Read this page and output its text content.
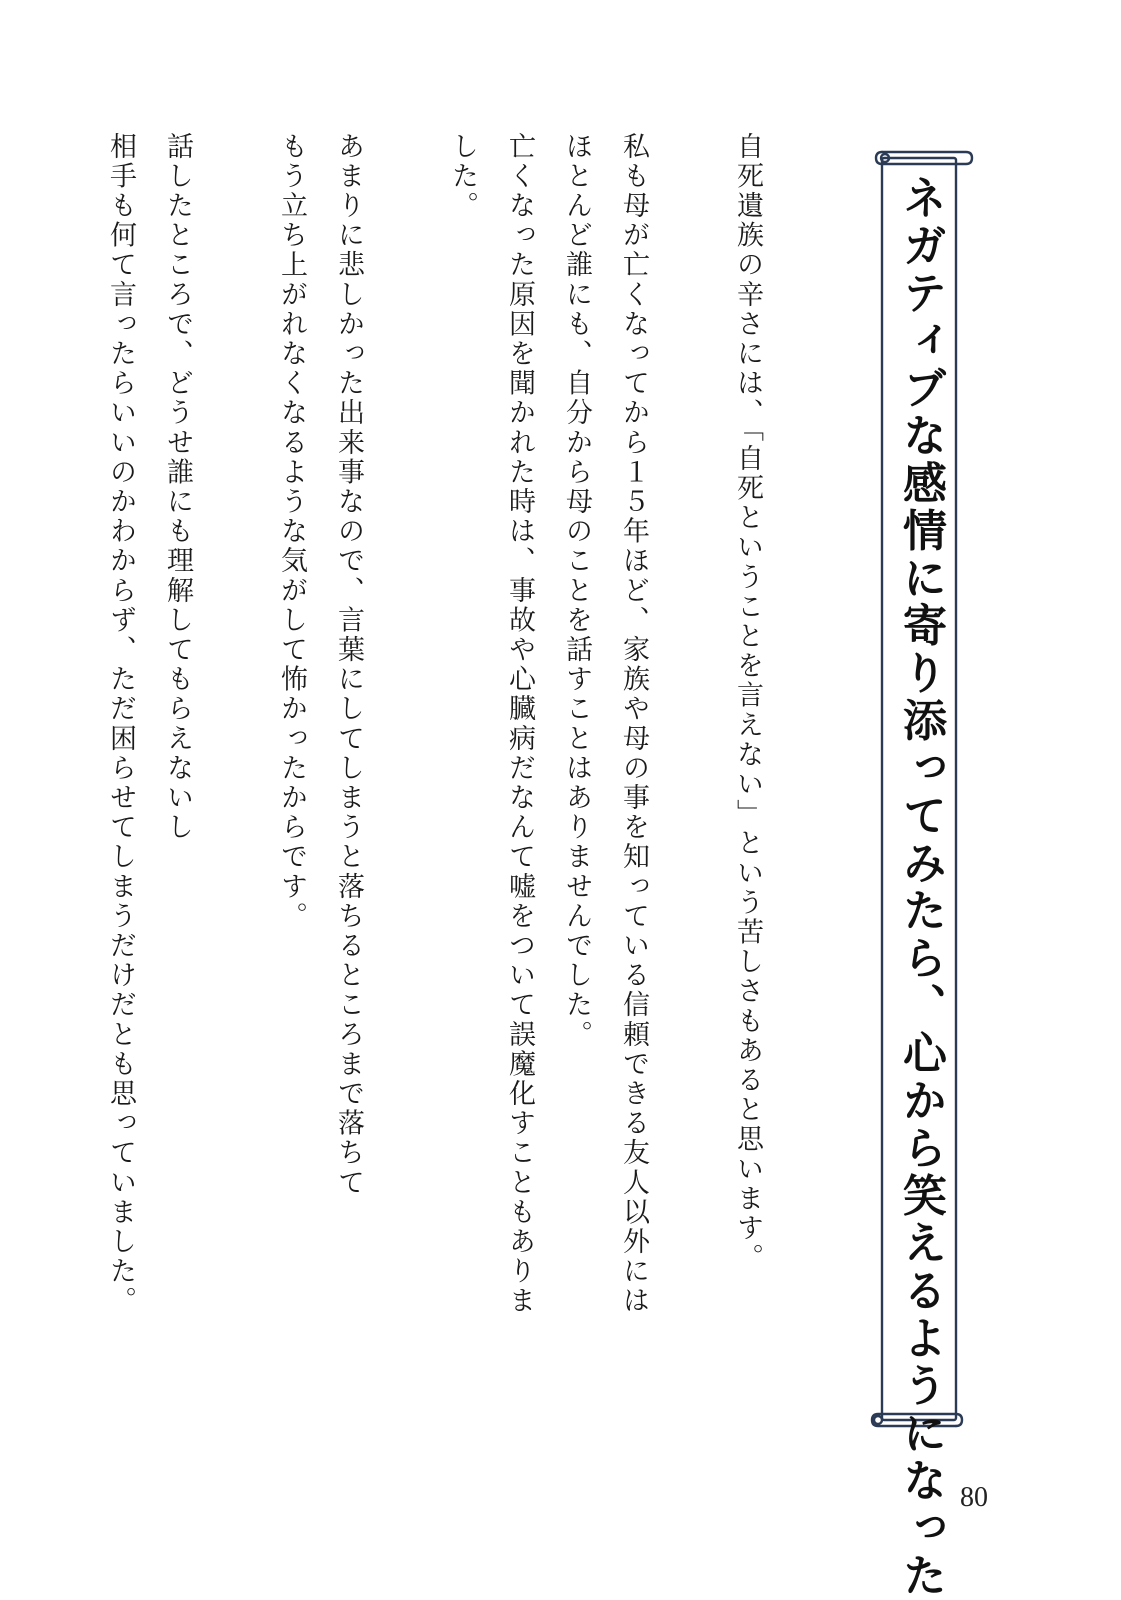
ネガティブな感情に寄り添ってみたら、心から笑えるようになった

自死遺族の辛さには、「自死ということを言えない」という苦しさもあると思います。

私も母が亡くなってから１５年ほど、家族や母の事を知っている信頼できる友人以外には

ほとんど誰にも、自分から母のことを話すことはありませんでした。

亡くなった原因を聞かれた時は、事故や心臓病だなんて嘘をついて誤魔化すこともありました。

あまりに悲しかった出来事なので、言葉にしてしまうと落ちるところまで落ちて

もう立ち上がれなくなるような気がして怖かったからです。

話したところで、どうせ誰にも理解してもらえないし

相手も何て言ったらいいのかわからず、ただ困らせてしまうだけだとも思っていました。

80
